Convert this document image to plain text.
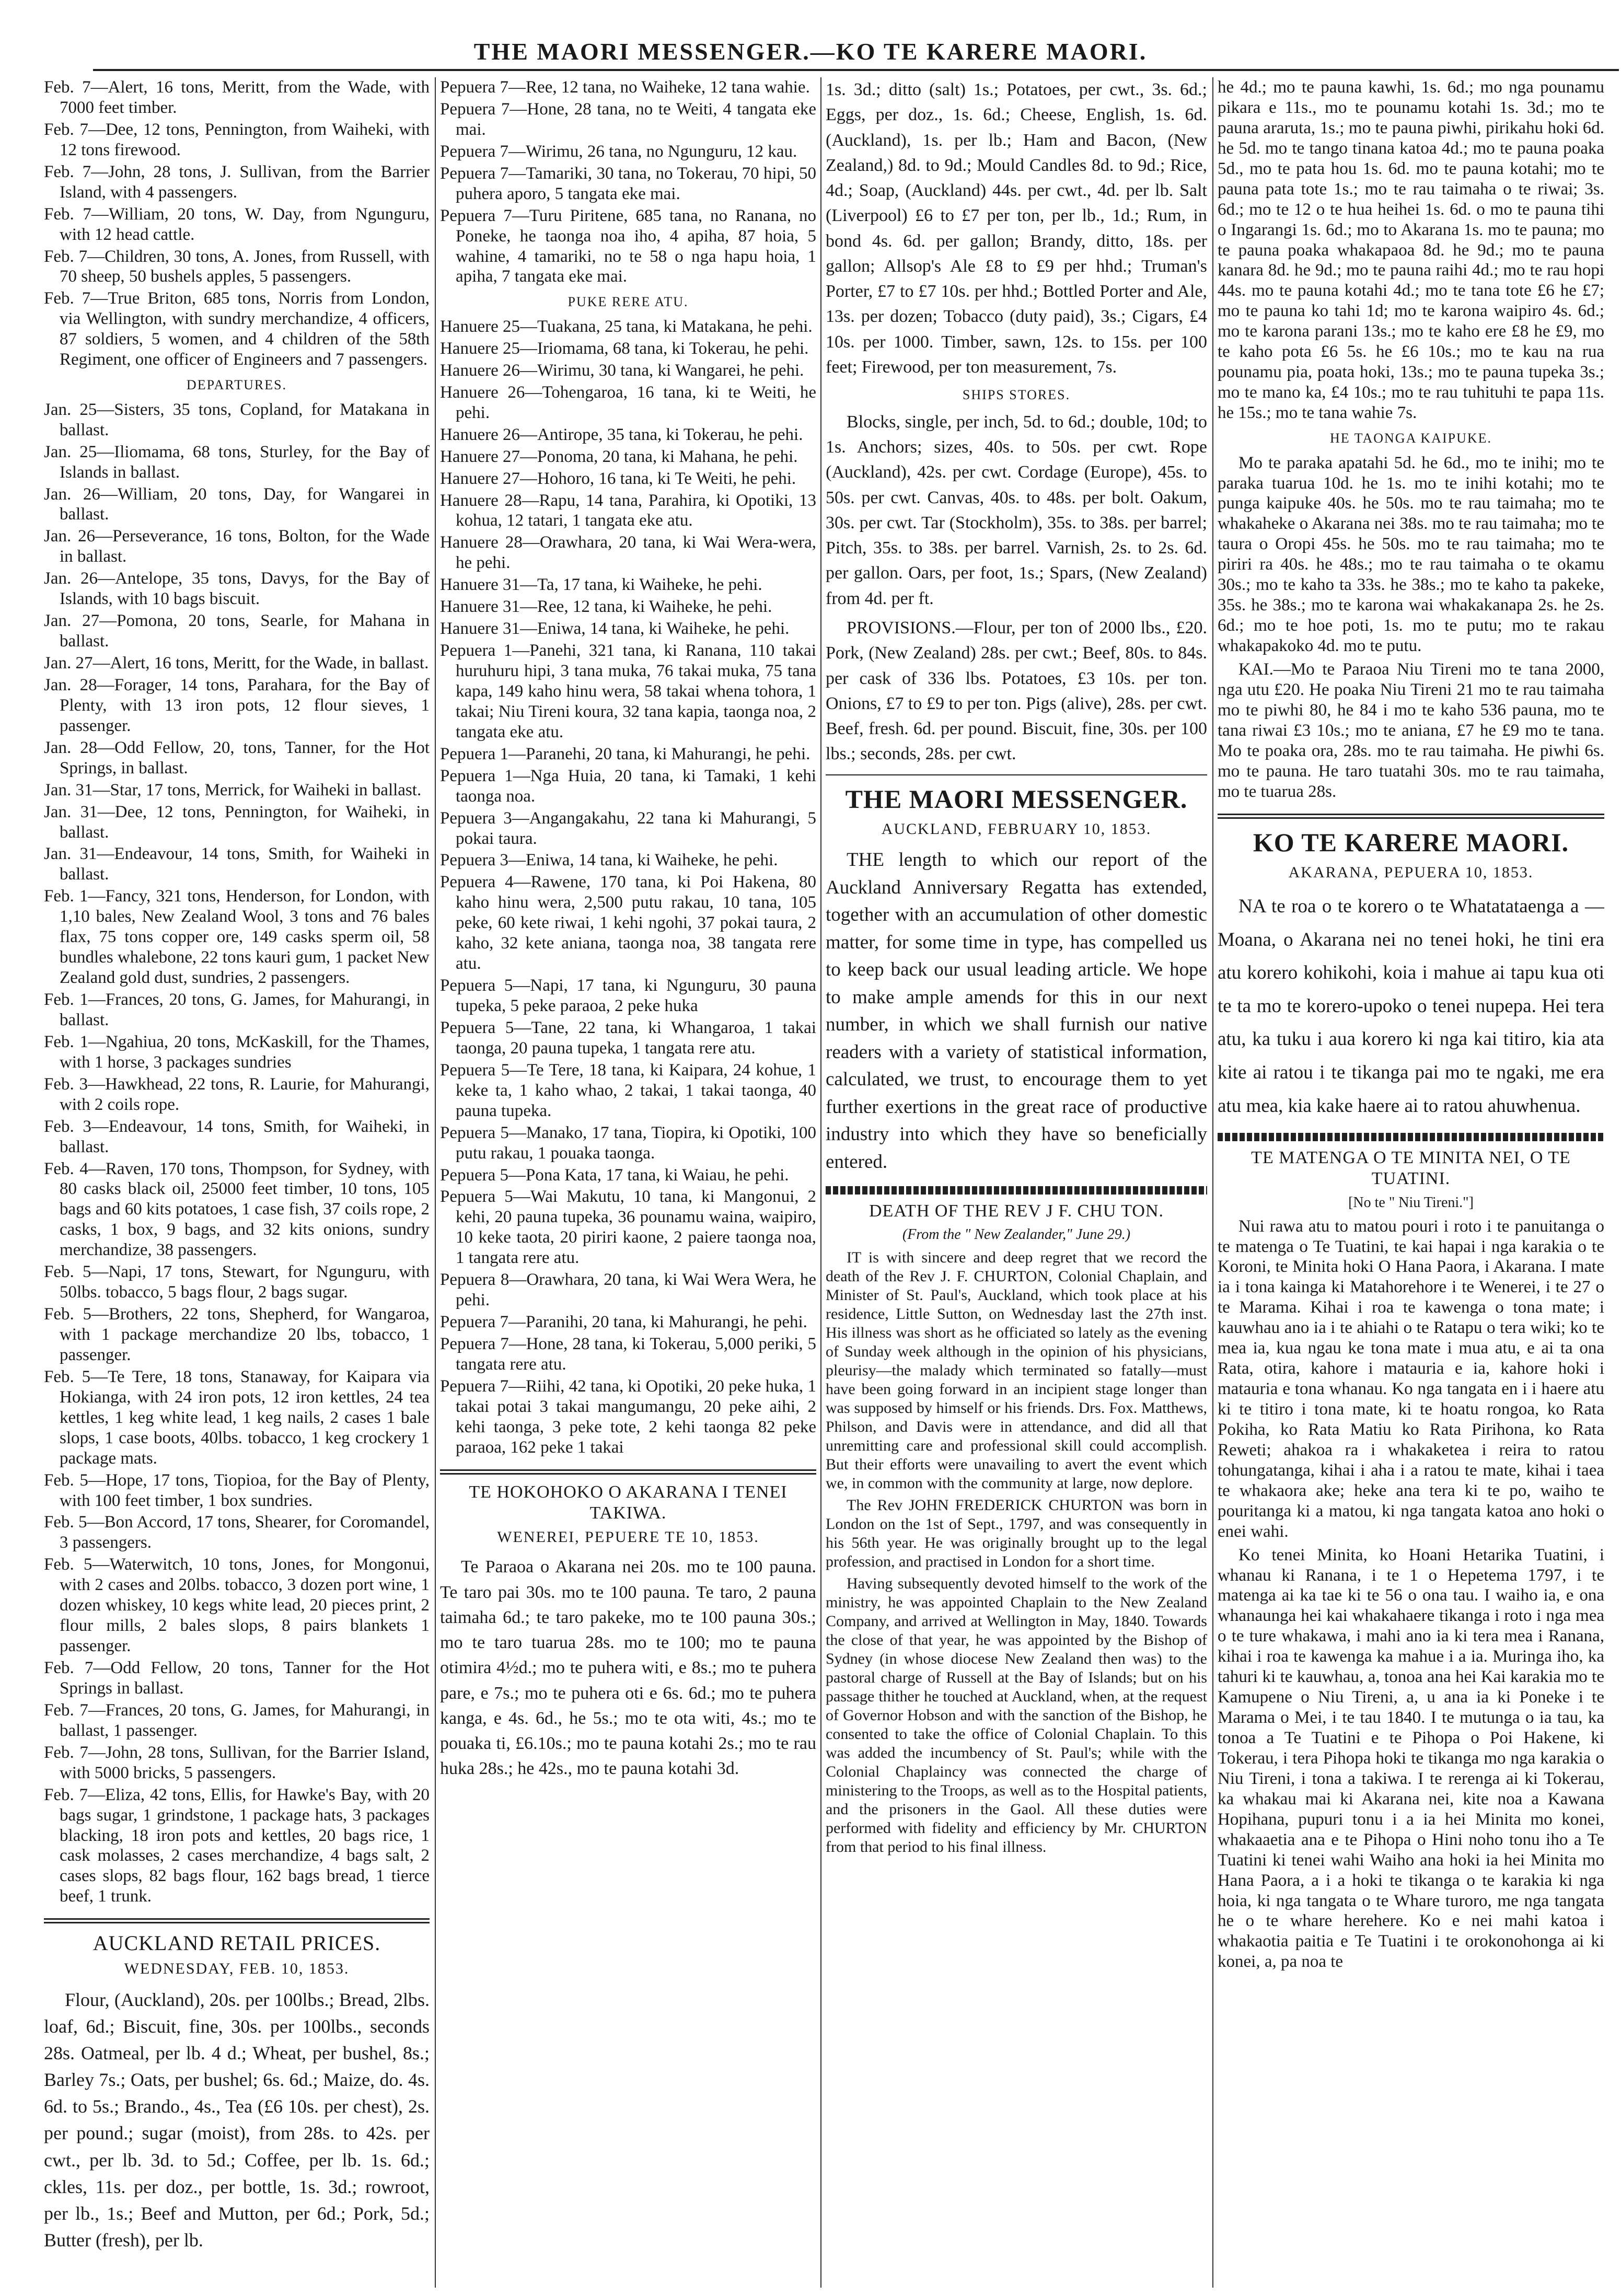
THE MAORI MESSENGER.—KO TE KARERE MAORI.

Feb. 7—Alert, 16 tons, Meritt, from the Wade, with 7000 feet timber.

Feb. 7—Dee, 12 tons, Pennington, from Waiheki, with 12 tons firewood.

Feb. 7—John, 28 tons, J. Sullivan, from the Barrier Island, with 4 passengers.

Feb. 7—William, 20 tons, W. Day, from Ngunguru, with 12 head cattle.

Feb. 7—Children, 30 tons, A. Jones, from Russell, with 70 sheep, 50 bushels apples, 5 passengers.

Feb. 7—True Briton, 685 tons, Norris from London, via Wellington, with sundry merchandize, 4 officers, 87 soldiers, 5 women, and 4 children of the 58th Regiment, one officer of Engineers and 7 passengers.

DEPARTURES.

Jan. 25—Sisters, 35 tons, Copland, for Matakana in ballast.

Jan. 25—Iliomama, 68 tons, Sturley, for the Bay of Islands in ballast.

Jan. 26—William, 20 tons, Day, for Wangarei in ballast.

Jan. 26—Perseverance, 16 tons, Bolton, for the Wade in ballast.

Jan. 26—Antelope, 35 tons, Davys, for the Bay of Islands, with 10 bags biscuit.

Jan. 27—Pomona, 20 tons, Searle, for Mahana in ballast.

Jan. 27—Alert, 16 tons, Meritt, for the Wade, in ballast.

Jan. 28—Forager, 14 tons, Parahara, for the Bay of Plenty, with 13 iron pots, 12 flour sieves, 1 passenger.

Jan. 28—Odd Fellow, 20, tons, Tanner, for the Hot Springs, in ballast.

Jan. 31—Star, 17 tons, Merrick, for Waiheki in ballast.

Jan. 31—Dee, 12 tons, Pennington, for Waiheki, in ballast.

Jan. 31—Endeavour, 14 tons, Smith, for Waiheki in ballast.

Feb. 1—Fancy, 321 tons, Henderson, for London, with 1,10 bales, New Zealand Wool, 3 tons and 76 bales flax, 75 tons copper ore, 149 casks sperm oil, 58 bundles whalebone, 22 tons kauri gum, 1 packet New Zealand gold dust, sundries, 2 passengers.

Feb. 1—Frances, 20 tons, G. James, for Mahurangi, in ballast.

Feb. 1—Ngahiua, 20 tons, McKaskill, for the Thames, with 1 horse, 3 packages sundries

Feb. 3—Hawkhead, 22 tons, R. Laurie, for Mahurangi, with 2 coils rope.

Feb. 3—Endeavour, 14 tons, Smith, for Waiheki, in ballast.

Feb. 4—Raven, 170 tons, Thompson, for Sydney, with 80 casks black oil, 25000 feet timber, 10 tons, 105 bags and 60 kits potatoes, 1 case fish, 37 coils rope, 2 casks, 1 box, 9 bags, and 32 kits onions, sundry merchandize, 38 passengers.

Feb. 5—Napi, 17 tons, Stewart, for Ngunguru, with 50lbs. tobacco, 5 bags flour, 2 bags sugar.

Feb. 5—Brothers, 22 tons, Shepherd, for Wangaroa, with 1 package merchandize 20 lbs, tobacco, 1 passenger.

Feb. 5—Te Tere, 18 tons, Stanaway, for Kaipara via Hokianga, with 24 iron pots, 12 iron kettles, 24 tea kettles, 1 keg white lead, 1 keg nails, 2 cases 1 bale slops, 1 case boots, 40lbs. tobacco, 1 keg crockery 1 package mats.

Feb. 5—Hope, 17 tons, Tiopioa, for the Bay of Plenty, with 100 feet timber, 1 box sundries.

Feb. 5—Bon Accord, 17 tons, Shearer, for Coromandel, 3 passengers.

Feb. 5—Waterwitch, 10 tons, Jones, for Mongonui, with 2 cases and 20lbs. tobacco, 3 dozen port wine, 1 dozen whiskey, 10 kegs white lead, 20 pieces print, 2 flour mills, 2 bales slops, 8 pairs blankets 1 passenger.

Feb. 7—Odd Fellow, 20 tons, Tanner for the Hot Springs in ballast.

Feb. 7—Frances, 20 tons, G. James, for Mahurangi, in ballast, 1 passenger.

Feb. 7—John, 28 tons, Sullivan, for the Barrier Island, with 5000 bricks, 5 passengers.

Feb. 7—Eliza, 42 tons, Ellis, for Hawke's Bay, with 20 bags sugar, 1 grindstone, 1 package hats, 3 packages blacking, 18 iron pots and kettles, 20 bags rice, 1 cask molasses, 2 cases merchandize, 4 bags salt, 2 cases slops, 82 bags flour, 162 bags bread, 1 tierce beef, 1 trunk.

AUCKLAND RETAIL PRICES.
WEDNESDAY, FEB. 10, 1853.

Flour, (Auckland), 20s. per 100lbs.; Bread, 2lbs. loaf, 6d.; Biscuit, fine, 30s. per 100lbs., seconds 28s. Oatmeal, per lb. 4 d.; Wheat, per bushel, 8s.; Barley 7s.; Oats, per bushel; 6s. 6d.; Maize, do. 4s. 6d. to 5s.; Brando., 4s., Tea (£6 10s. per chest), 2s. per pound.; sugar (moist), from 28s. to 42s. per cwt., per lb. 3d. to 5d.; Coffee, per lb. 1s. 6d.; ckles, 11s. per doz., per bottle, 1s. 3d.; rowroot, per lb., 1s.; Beef and Mutton, per 6d.; Pork, 5d.; Butter (fresh), per lb.

Pepuera 7—Ree, 12 tana, no Waiheke, 12 tana wahie.

Pepuera 7—Hone, 28 tana, no te Weiti, 4 tangata eke mai.

Pepuera 7—Wirimu, 26 tana, no Ngunguru, 12 kau.

Pepuera 7—Tamariki, 30 tana, no Tokerau, 70 hipi, 50 puhera aporo, 5 tangata eke mai.

Pepuera 7—Turu Piritene, 685 tana, no Ranana, no Poneke, he taonga noa iho, 4 apiha, 87 hoia, 5 wahine, 4 tamariki, no te 58 o nga hapu hoia, 1 apiha, 7 tangata eke mai.

PUKE RERE ATU.

Hanuere 25—Tuakana, 25 tana, ki Matakana, he pehi.

Hanuere 25—Iriomama, 68 tana, ki Tokerau, he pehi.

Hanuere 26—Wirimu, 30 tana, ki Wangarei, he pehi.

Hanuere 26—Tohengaroa, 16 tana, ki te Weiti, he pehi.

Hanuere 26—Antirope, 35 tana, ki Tokerau, he pehi.

Hanuere 27—Ponoma, 20 tana, ki Mahana, he pehi.

Hanuere 27—Hohoro, 16 tana, ki Te Weiti, he pehi.

Hanuere 28—Rapu, 14 tana, Parahira, ki Opotiki, 13 kohua, 12 tatari, 1 tangata eke atu.

Hanuere 28—Orawhara, 20 tana, ki Wai Wera-wera, he pehi.

Hanuere 31—Ta, 17 tana, ki Waiheke, he pehi.

Hanuere 31—Ree, 12 tana, ki Waiheke, he pehi.

Hanuere 31—Eniwa, 14 tana, ki Waiheke, he pehi.

Pepuera 1—Panehi, 321 tana, ki Ranana, 110 takai huruhuru hipi, 3 tana muka, 76 takai muka, 75 tana kapa, 149 kaho hinu wera, 58 takai whena tohora, 1 takai; Niu Tireni koura, 32 tana kapia, taonga noa, 2 tangata eke atu.

Pepuera 1—Paranehi, 20 tana, ki Mahurangi, he pehi.

Pepuera 1—Nga Huia, 20 tana, ki Tamaki, 1 kehi taonga noa.

Pepuera 3—Angangakahu, 22 tana ki Mahurangi, 5 pokai taura.

Pepuera 3—Eniwa, 14 tana, ki Waiheke, he pehi.

Pepuera 4—Rawene, 170 tana, ki Poi Hakena, 80 kaho hinu wera, 2,500 putu rakau, 10 tana, 105 peke, 60 kete riwai, 1 kehi ngohi, 37 pokai taura, 2 kaho, 32 kete aniana, taonga noa, 38 tangata rere atu.

Pepuera 5—Napi, 17 tana, ki Ngunguru, 30 pauna tupeka, 5 peke paraoa, 2 peke huka

Pepuera 5—Tane, 22 tana, ki Whangaroa, 1 takai taonga, 20 pauna tupeka, 1 tangata rere atu.

Pepuera 5—Te Tere, 18 tana, ki Kaipara, 24 kohue, 1 keke ta, 1 kaho whao, 2 takai, 1 takai taonga, 40 pauna tupeka.

Pepuera 5—Manako, 17 tana, Tiopira, ki Opotiki, 100 putu rakau, 1 pouaka taonga.

Pepuera 5—Pona Kata, 17 tana, ki Waiau, he pehi.

Pepuera 5—Wai Makutu, 10 tana, ki Mangonui, 2 kehi, 20 pauna tupeka, 36 pounamu waina, waipiro, 10 keke taota, 20 piriri kaone, 2 paiere taonga noa, 1 tangata rere atu.

Pepuera 8—Orawhara, 20 tana, ki Wai Wera Wera, he pehi.

Pepuera 7—Paranihi, 20 tana, ki Mahurangi, he pehi.

Pepuera 7—Hone, 28 tana, ki Tokerau, 5,000 periki, 5 tangata rere atu.

Pepuera 7—Riihi, 42 tana, ki Opotiki, 20 peke huka, 1 takai potai 3 takai mangumangu, 20 peke aihi, 2 kehi taonga, 3 peke tote, 2 kehi taonga 82 peke paraoa, 162 peke 1 takai

TE HOKOHOKO O AKARANA I TENEI TAKIWA.
WENEREI, PEPUERE TE 10, 1853.

Te Paraoa o Akarana nei 20s. mo te 100 pauna. Te taro pai 30s. mo te 100 pauna. Te taro, 2 pauna taimaha 6d.; te taro pakeke, mo te 100 pauna 30s.; mo te taro tuarua 28s. mo te 100; mo te pauna otimira 4½d.; mo te puhera witi, e 8s.; mo te puhera pare, e 7s.; mo te puhera oti e 6s. 6d.; mo te puhera kanga, e 4s. 6d., he 5s.; mo te ota witi, 4s.; mo te pouaka ti, £6.10s.; mo te pauna kotahi 2s.; mo te rau huka 28s.; he 42s., mo te pauna kotahi 3d.

1s. 3d.; ditto (salt) 1s.; Potatoes, per cwt., 3s. 6d.; Eggs, per doz., 1s. 6d.; Cheese, English, 1s. 6d. (Auckland), 1s. per lb.; Ham and Bacon, (New Zealand,) 8d. to 9d.; Mould Candles 8d. to 9d.; Rice, 4d.; Soap, (Auckland) 44s. per cwt., 4d. per lb. Salt (Liverpool) £6 to £7 per ton, per lb., 1d.; Rum, in bond 4s. 6d. per gallon; Brandy, ditto, 18s. per gallon; Allsop's Ale £8 to £9 per hhd.; Truman's Porter, £7 to £7 10s. per hhd.; Bottled Porter and Ale, 13s. per dozen; Tobacco (duty paid), 3s.; Cigars, £4 10s. per 1000. Timber, sawn, 12s. to 15s. per 100 feet; Firewood, per ton measurement, 7s.

SHIPS STORES.

Blocks, single, per inch, 5d. to 6d.; double, 10d; to 1s. Anchors; sizes, 40s. to 50s. per cwt. Rope (Auckland), 42s. per cwt. Cordage (Europe), 45s. to 50s. per cwt. Canvas, 40s. to 48s. per bolt. Oakum, 30s. per cwt. Tar (Stockholm), 35s. to 38s. per barrel; Pitch, 35s. to 38s. per barrel. Varnish, 2s. to 2s. 6d. per gallon. Oars, per foot, 1s.; Spars, (New Zealand) from 4d. per ft.

PROVISIONS.—Flour, per ton of 2000 lbs., £20. Pork, (New Zealand) 28s. per cwt.; Beef, 80s. to 84s. per cask of 336 lbs. Potatoes, £3 10s. per ton. Onions, £7 to £9 to per ton. Pigs (alive), 28s. per cwt. Beef, fresh. 6d. per pound. Biscuit, fine, 30s. per 100 lbs.; seconds, 28s. per cwt.

THE MAORI MESSENGER.
AUCKLAND, FEBRUARY 10, 1853.

THE length to which our report of the Auckland Anniversary Regatta has extended, together with an accumulation of other domestic matter, for some time in type, has compelled us to keep back our usual leading article. We hope to make ample amends for this in our next number, in which we shall furnish our native readers with a variety of statistical information, calculated, we trust, to encourage them to yet further exertions in the great race of productive industry into which they have so beneficially entered.

DEATH OF THE REV J F. CHU TON.
(From the " New Zealander," June 29.)

IT is with sincere and deep regret that we record the death of the Rev J. F. CHURTON, Colonial Chaplain, and Minister of St. Paul's, Auckland, which took place at his residence, Little Sutton, on Wednesday last the 27th inst. His illness was short as he officiated so lately as the evening of Sunday week although in the opinion of his physicians, pleurisy—the malady which terminated so fatally—must have been going forward in an incipient stage longer than was supposed by himself or his friends. Drs. Fox. Matthews, Philson, and Davis were in attendance, and did all that unremitting care and professional skill could accomplish. But their efforts were unavailing to avert the event which we, in common with the community at large, now deplore.

The Rev JOHN FREDERICK CHURTON was born in London on the 1st of Sept., 1797, and was consequently in his 56th year. He was originally brought up to the legal profession, and practised in London for a short time.

Having subsequently devoted himself to the work of the ministry, he was appointed Chaplain to the New Zealand Company, and arrived at Wellington in May, 1840. Towards the close of that year, he was appointed by the Bishop of Sydney (in whose diocese New Zealand then was) to the pastoral charge of Russell at the Bay of Islands; but on his passage thither he touched at Auckland, when, at the request of Governor Hobson and with the sanction of the Bishop, he consented to take the office of Colonial Chaplain. To this was added the incumbency of St. Paul's; while with the Colonial Chaplaincy was connected the charge of ministering to the Troops, as well as to the Hospital patients, and the prisoners in the Gaol. All these duties were performed with fidelity and efficiency by Mr. CHURTON from that period to his final illness.

he 4d.; mo te pauna kawhi, 1s. 6d.; mo nga pounamu pikara e 11s., mo te pounamu kotahi 1s. 3d.; mo te pauna araruta, 1s.; mo te pauna piwhi, pirikahu hoki 6d. he 5d. mo te tango tinana katoa 4d.; mo te pauna poaka 5d., mo te pata hou 1s. 6d. mo te pauna kotahi; mo te pauna pata tote 1s.; mo te rau taimaha o te riwai; 3s. 6d.; mo te 12 o te hua heihei 1s. 6d. o mo te pauna tihi o Ingarangi 1s. 6d.; mo to Akarana 1s. mo te pauna; mo te pauna poaka whakapaoa 8d. he 9d.; mo te pauna kanara 8d. he 9d.; mo te pauna raihi 4d.; mo te rau hopi 44s. mo te pauna kotahi 4d.; mo te tana tote £6 he £7; mo te pauna ko tahi 1d; mo te karona waipiro 4s. 6d.; mo te karona parani 13s.; mo te kaho ere £8 he £9, mo te kaho pota £6 5s. he £6 10s.; mo te kau na rua pounamu pia, poata hoki, 13s.; mo te pauna tupeka 3s.; mo te mano ka, £4 10s.; mo te rau tuhituhi te papa 11s. he 15s.; mo te tana wahie 7s.

HE TAONGA KAIPUKE.

Mo te paraka apatahi 5d. he 6d., mo te inihi; mo te paraka tuarua 10d. he 1s. mo te inihi kotahi; mo te punga kaipuke 40s. he 50s. mo te rau taimaha; mo te whakaheke o Akarana nei 38s. mo te rau taimaha; mo te taura o Oropi 45s. he 50s. mo te rau taimaha; mo te piriri ra 40s. he 48s.; mo te rau taimaha o te okamu 30s.; mo te kaho ta 33s. he 38s.; mo te kaho ta pakeke, 35s. he 38s.; mo te karona wai whakakanapa 2s. he 2s. 6d.; mo te hoe poti, 1s. mo te putu; mo te rakau whakapakoko 4d. mo te putu.

KAI.—Mo te Paraoa Niu Tireni mo te tana 2000, nga utu £20. He poaka Niu Tireni 21 mo te rau taimaha mo te piwhi 80, he 84 i mo te kaho 536 pauna, mo te tana riwai £3 10s.; mo te aniana, £7 he £9 mo te tana. Mo te poaka ora, 28s. mo te rau taimaha. He piwhi 6s. mo te pauna. He taro tuatahi 30s. mo te rau taimaha, mo te tuarua 28s.

KO TE KARERE MAORI.
AKARANA, PEPUERA 10, 1853.

NA te roa o te korero o te Whatatataenga a — Moana, o Akarana nei no tenei hoki, he tini era atu korero kohikohi, koia i mahue ai tapu kua oti te ta mo te korero-upoko o tenei nupepa. Hei tera atu, ka tuku i aua korero ki nga kai titiro, kia ata kite ai ratou i te tikanga pai mo te ngaki, me era atu mea, kia kake haere ai to ratou ahuwhenua.

TE MATENGA O TE MINITA NEI, O TE TUATINI.
[No te " Niu Tireni."]

Nui rawa atu to matou pouri i roto i te panuitanga o te matenga o Te Tuatini, te kai hapai i nga karakia o te Koroni, te Minita hoki O Hana Paora, i Akarana. I mate ia i tona kainga ki Matahorehore i te Wenerei, i te 27 o te Marama. Kihai i roa te kawenga o tona mate; i kauwhau ano ia i te ahiahi o te Ratapu o tera wiki; ko te mea ia, kua ngau ke tona mate i mua atu, e ai ta ona Rata, otira, kahore i matauria e ia, kahore hoki i matauria e tona whanau. Ko nga tangata en i i haere atu ki te titiro i tona mate, ki te hoatu rongoa, ko Rata Pokiha, ko Rata Matiu ko Rata Pirihona, ko Rata Reweti; ahakoa ra i whakaketea i reira to ratou tohungatanga, kihai i aha i a ratou te mate, kihai i taea te whakaora ake; heke ana tera ki te po, waiho te pouritanga ki a matou, ki nga tangata katoa ano hoki o enei wahi.

Ko tenei Minita, ko Hoani Hetarika Tuatini, i whanau ki Ranana, i te 1 o Hepetema 1797, i te matenga ai ka tae ki te 56 o ona tau. I waiho ia, e ona whanaunga hei kai whakahaere tikanga i roto i nga mea o te ture whakawa, i mahi ano ia ki tera mea i Ranana, kihai i roa te kawenga ka mahue i a ia. Muringa iho, ka tahuri ki te kauwhau, a, tonoa ana hei Kai karakia mo te Kamupene o Niu Tireni, a, u ana ia ki Poneke i te Marama o Mei, i te tau 1840. I te mutunga o ia tau, ka tonoa a Te Tuatini e te Pihopa o Poi Hakene, ki Tokerau, i tera Pihopa hoki te tikanga mo nga karakia o Niu Tireni, i tona a takiwa. I te rerenga ai ki Tokerau, ka whakau mai ki Akarana nei, kite noa a Kawana Hopihana, pupuri tonu i a ia hei Minita mo konei, whakaaetia ana e te Pihopa o Hini noho tonu iho a Te Tuatini ki tenei wahi Waiho ana hoki ia hei Minita mo Hana Paora, a i a hoki te tikanga o te karakia ki nga hoia, ki nga tangata o te Whare turoro, me nga tangata he o te whare herehere. Ko e nei mahi katoa i whakaotia paitia e Te Tuatini i te orokonohonga ai ki konei, a, pa noa te
